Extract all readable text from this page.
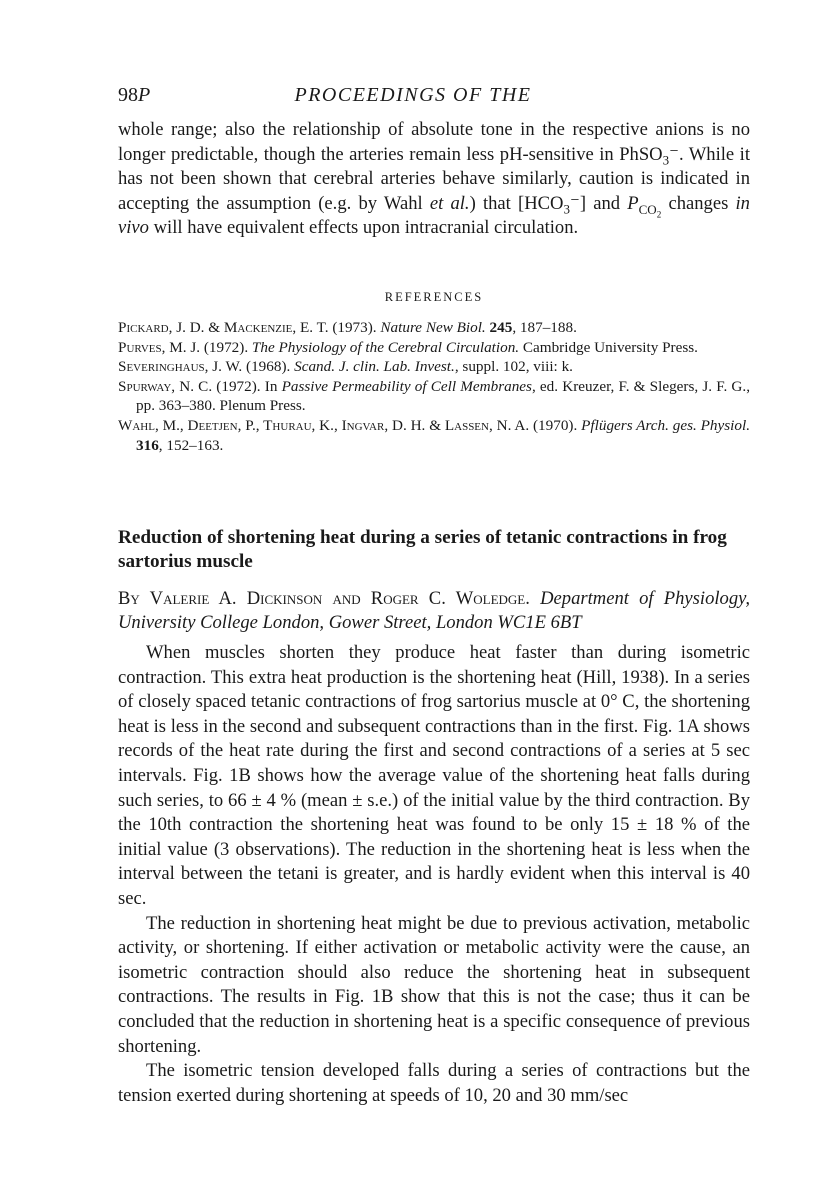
98P	PROCEEDINGS OF THE

whole range; also the relationship of absolute tone in the respective anions is no longer predictable, though the arteries remain less pH-sensitive in PhSO$_3$⁻. While it has not been shown that cerebral arteries behave similarly, caution is indicated in accepting the assumption (e.g. by Wahl et al.) that $[HCO_3^-]$ and $P_{CO_2}$ changes in vivo will have equivalent effects upon intracranial circulation.

REFERENCES

Pickard, J. D. & Mackenzie, E. T. (1973). Nature New Biol. 245, 187–188.

Purves, M. J. (1972). The Physiology of the Cerebral Circulation. Cambridge University Press.

Severinghaus, J. W. (1968). Scand. J. clin. Lab. Invest., suppl. 102, viii: k.

Spurway, N. C. (1972). In Passive Permeability of Cell Membranes, ed. Kreuzer, F. & Slegers, J. F. G., pp. 363–380. Plenum Press.

Wahl, M., Deetjen, P., Thurau, K., Ingvar, D. H. & Lassen, N. A. (1970). Pflügers Arch. ges. Physiol. 316, 152–163.

Reduction of shortening heat during a series of tetanic contractions in frog sartorius muscle
By Valerie A. Dickinson and Roger C. Woledge. Department of Physiology, University College London, Gower Street, London WC1E 6BT

When muscles shorten they produce heat faster than during isometric contraction. This extra heat production is the shortening heat (Hill, 1938). In a series of closely spaced tetanic contractions of frog sartorius muscle at 0° C, the shortening heat is less in the second and subsequent contractions than in the first. Fig. 1A shows records of the heat rate during the first and second contractions of a series at 5 sec intervals. Fig. 1B shows how the average value of the shortening heat falls during such series, to 66 ± 4 % (mean ± s.e.) of the initial value by the third contraction. By the 10th contraction the shortening heat was found to be only 15 ± 18 % of the initial value (3 observations). The reduction in the shortening heat is less when the interval between the tetani is greater, and is hardly evident when this interval is 40 sec.

The reduction in shortening heat might be due to previous activation, metabolic activity, or shortening. If either activation or metabolic activity were the cause, an isometric contraction should also reduce the shortening heat in subsequent contractions. The results in Fig. 1B show that this is not the case; thus it can be concluded that the reduction in shortening heat is a specific consequence of previous shortening.

The isometric tension developed falls during a series of contractions but the tension exerted during shortening at speeds of 10, 20 and 30 mm/sec
